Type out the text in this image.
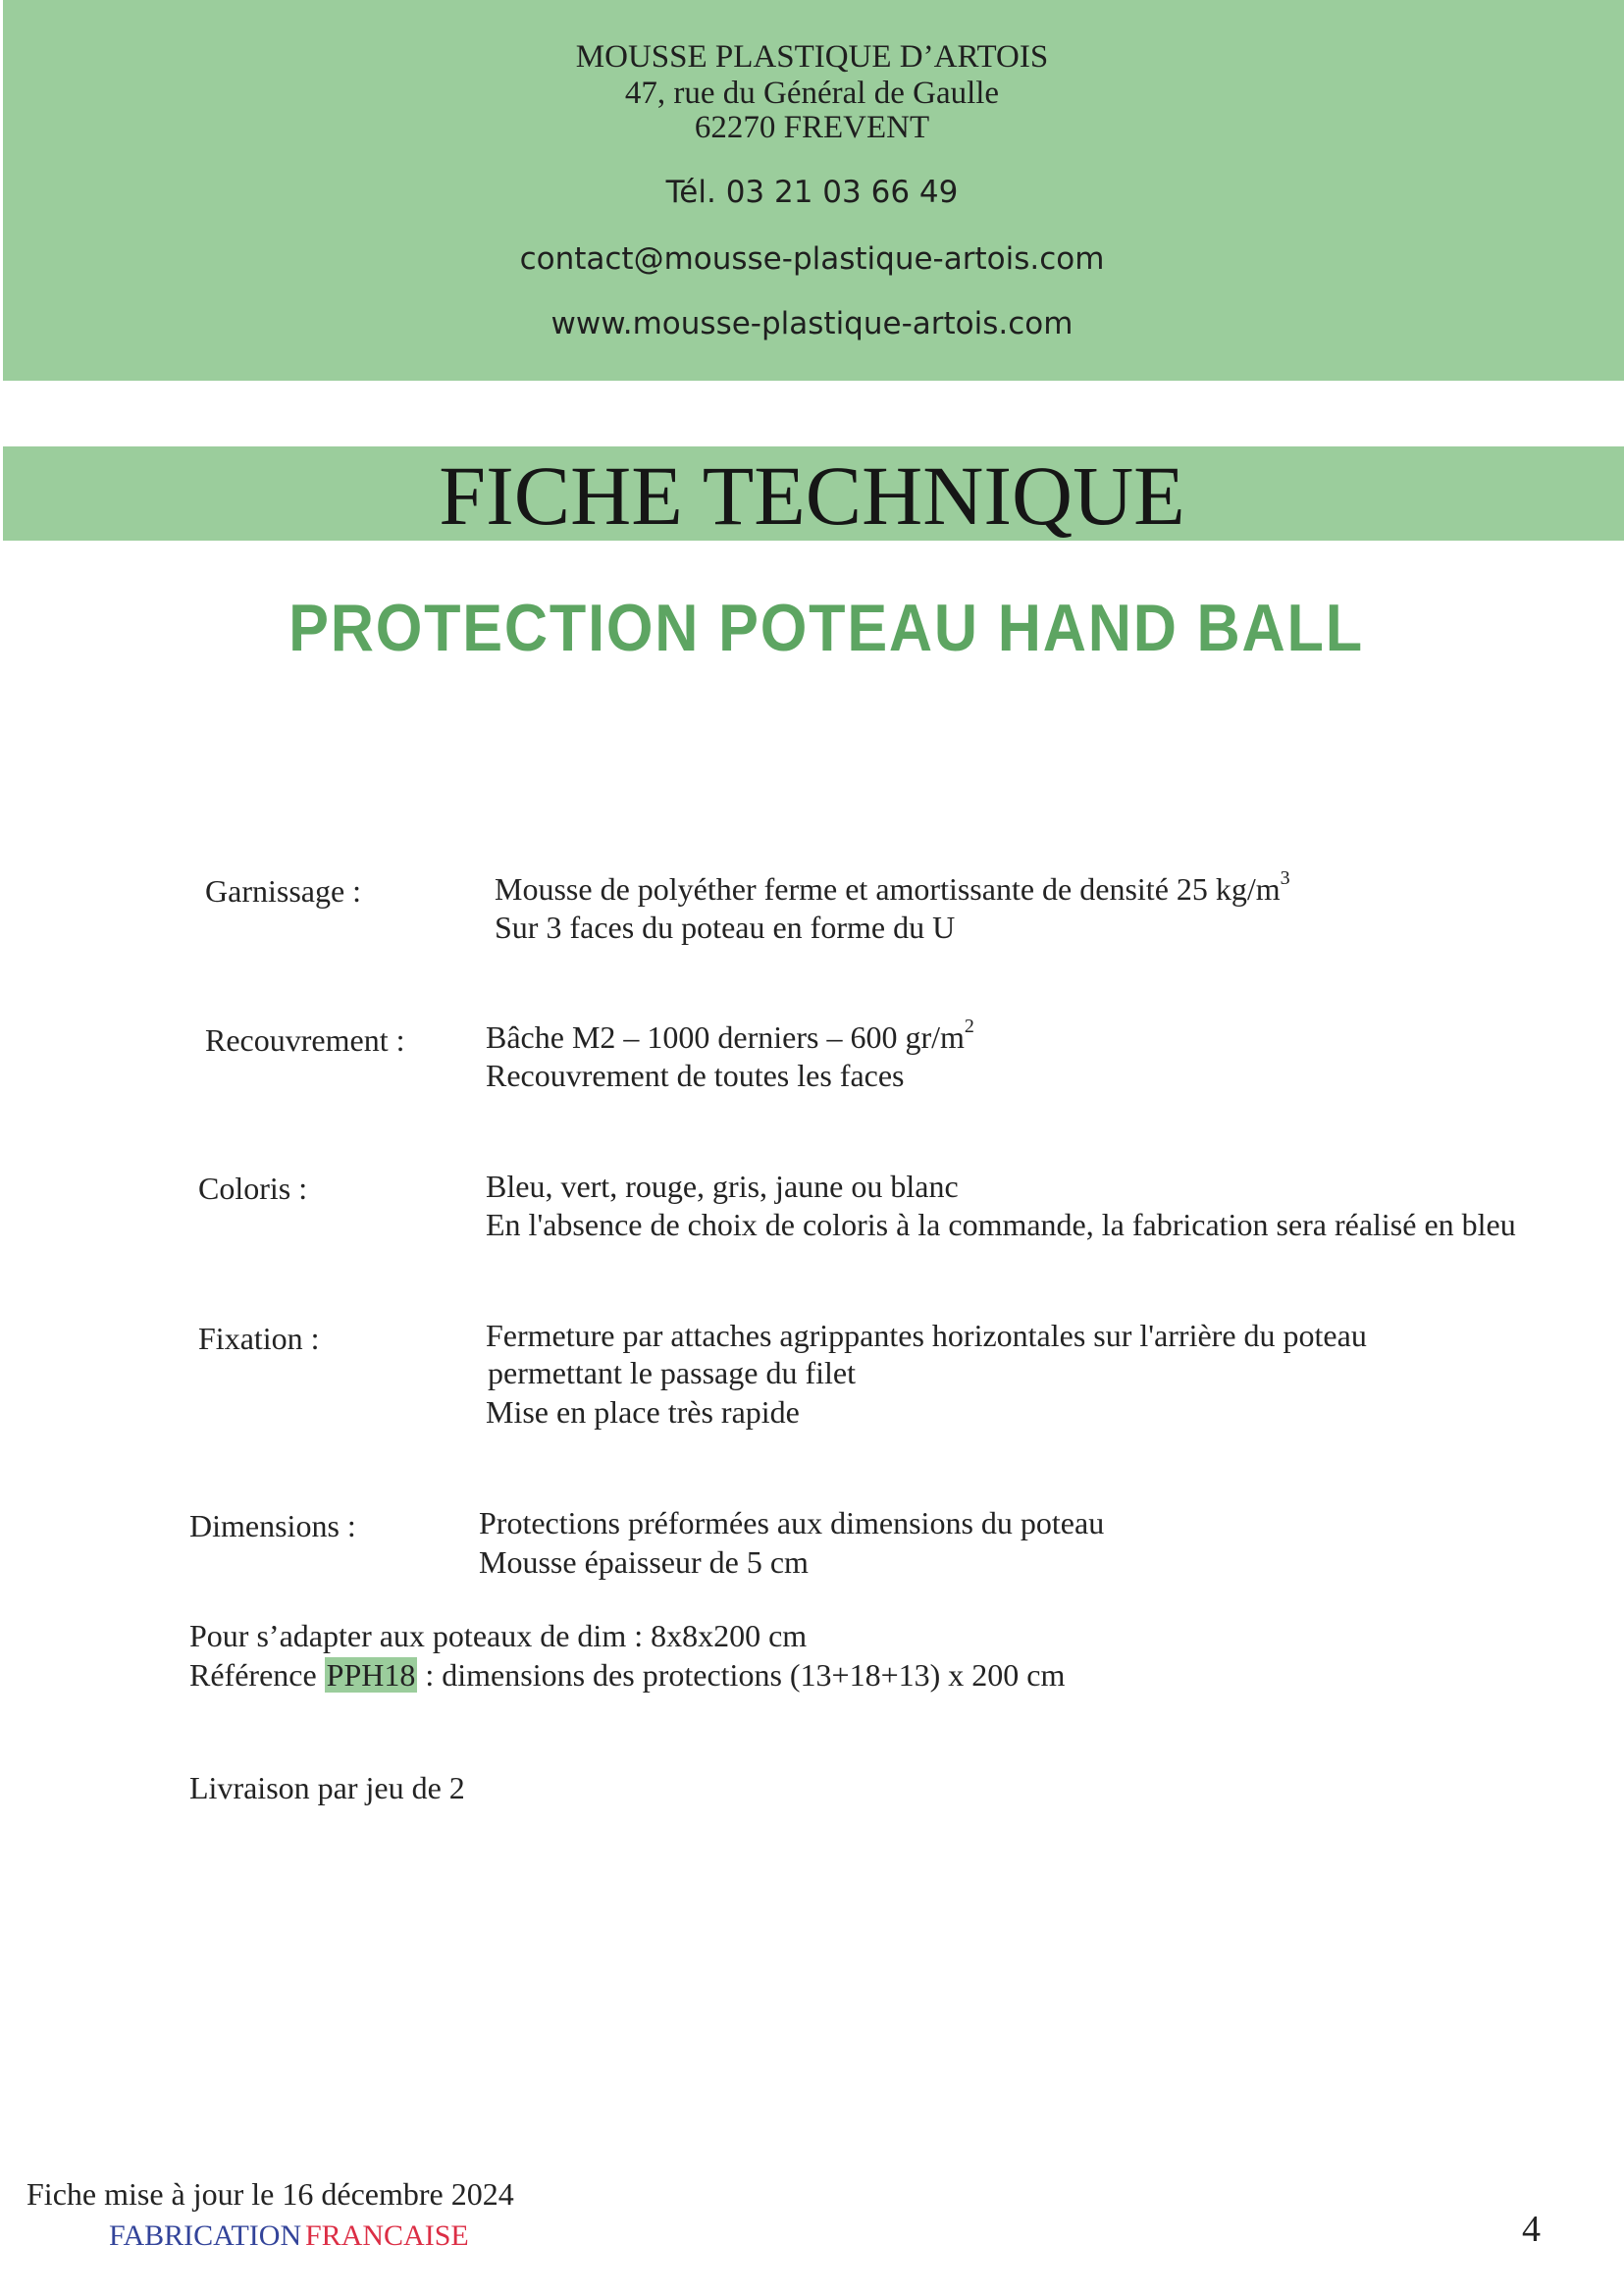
MOUSSE PLASTIQUE D’ARTOIS
47, rue du Général de Gaulle
62270 FREVENT
Tél. 03 21 03 66 49
contact@mousse-plastique-artois.com
www.mousse-plastique-artois.com
FICHE TECHNIQUE
PROTECTION POTEAU HAND BALL
Garnissage :	Mousse de polyéther ferme et amortissante de densité 25 $kg/m^3$
Sur 3 faces du poteau en forme du U
Recouvrement :	Bâche M2 – 1000 derniers – 600 $gr/m^2$
Recouvrement de toutes les faces
Coloris :	Bleu, vert, rouge, gris, jaune ou blanc
En l'absence de choix de coloris à la commande, la fabrication sera réalisé en bleu
Fixation :	Fermeture par attaches agrippantes horizontales sur l'arrière du poteau
permettant le passage du filet
Mise en place très rapide
Dimensions :	Protections préformées aux dimensions du poteau
Mousse épaisseur de 5 cm
Pour s’adapter aux poteaux de dim : 8x8x200 cm
Référence PPH18 : dimensions des protections (13+18+13) x 200 cm
Livraison par jeu de 2
Fiche mise à jour le 16 décembre 2024
FABRICATION FRANCAISE	4
